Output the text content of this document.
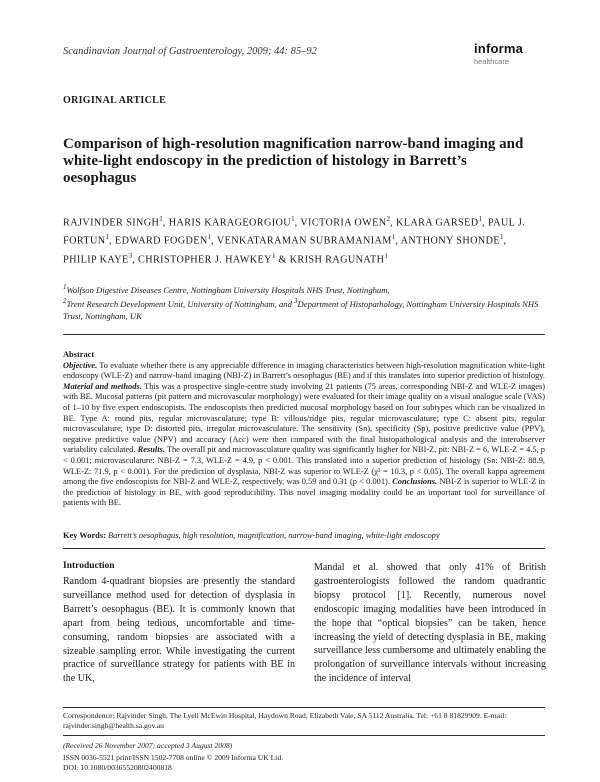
Scandinavian Journal of Gastroenterology, 2009; 44: 85–92	informa
healthcare
ORIGINAL ARTICLE
Comparison of high-resolution magnification narrow-band imaging and white-light endoscopy in the prediction of histology in Barrett’s oesophagus
RAJVINDER SINGH$^1$, HARIS KARAGEORGIOU$^1$, VICTORIA OWEN$^2$, KLARA GARSED$^1$, PAUL J. FORTUN$^1$, EDWARD FOGDEN$^1$, VENKATARAMAN SUBRAMANIAM$^1$, ANTHONY SHONDE$^1$, PHILIP KAYE$^3$, CHRISTOPHER J. HAWKEY$^1$ & KRISH RAGUNATH$^1$
$^1$Wolfson Digestive Diseases Centre, Nottingham University Hospitals NHS Trust, Nottingham,
$^2$Trent Research Development Unit, University of Nottingham, and $^3$Department of Histopathology, Nottingham University Hospitals NHS Trust, Nottingham, UK
Abstract
Objective. To evaluate whether there is any appreciable difference in imaging characteristics between high-resolution magnification white-light endoscopy (WLE-Z) and narrow-band imaging (NBI-Z) in Barrett’s oesophagus (BE) and if this translates into superior prediction of histology. Material and methods. This was a prospective single-centre study involving 21 patients (75 areas, corresponding NBI-Z and WLE-Z images) with BE. Mucosal patterns (pit pattern and microvascular morphology) were evaluated for their image quality on a visual analogue scale (VAS) of 1–10 by five expert endoscopists. The endoscopists then predicted mucosal morphology based on four subtypes which can be visualized in BE. Type A: round pits, regular microvasculature; type B: villous/ridge pits, regular microvasculature; type C: absent pits, regular microvasculature; type D: distorted pits, irregular microvasculature. The sensitivity (Sn), specificity (Sp), positive predictive value (PPV), negative predictive value (NPV) and accuracy (Acc) were then compared with the final histopathological analysis and the interobserver variability calculated. Results. The overall pit and microvasculature quality was significantly higher for NBI-Z, pit: NBI-Z = 6, WLE-Z = 4.5, p < 0.001; microvasculature: NBI-Z = 7.3, WLE-Z = 4.9, p < 0.001. This translated into a superior prediction of histology (Sn: NBI-Z: 88.9, WLE-Z: 71.9, p < 0.001). For the prediction of dysplasia, NBI-Z was superior to WLE-Z (χ² = 10.3, p < 0.05). The overall kappa agreement among the five endoscopists for NBI-Z and WLE-Z, respectively, was 0.59 and 0.31 (p < 0.001). Conclusions. NBI-Z is superior to WLE-Z in the prediction of histology in BE, with good reproducibility. This novel imaging modality could be an important tool for surveillance of patients with BE.
Key Words: Barrett’s oesophagus, high resolution, magnification, narrow-band imaging, white-light endoscopy
Introduction
Random 4-quadrant biopsies are presently the standard surveillance method used for detection of dysplasia in Barrett’s oesophagus (BE). It is commonly known that apart from being tedious, uncomfortable and time-consuming, random biopsies are associated with a sizeable sampling error. While investigating the current practice of surveillance strategy for patients with BE in the UK,
Mandal et al. showed that only 41% of British gastroenterologists followed the random quadrantic biopsy protocol [1]. Recently, numerous novel endoscopic imaging modalities have been introduced in the hope that “optical biopsies” can be taken, hence increasing the yield of detecting dysplasia in BE, making surveillance less cumbersome and ultimately enabling the prolongation of surveillance intervals without increasing the incidence of interval
Correspondence: Rajvinder Singh, The Lyell McEwin Hospital, Haydown Road, Elizabeth Vale, SA 5112 Australia. Tel: +61 8 81829909. E-mail: rajvinder.singh@health.sa.gov.au
(Received 26 November 2007; accepted 3 August 2008)
ISSN 0036-5521 print/ISSN 1502-7708 online © 2009 Informa UK Ltd.
DOI: 10.1080/00365520802400818
